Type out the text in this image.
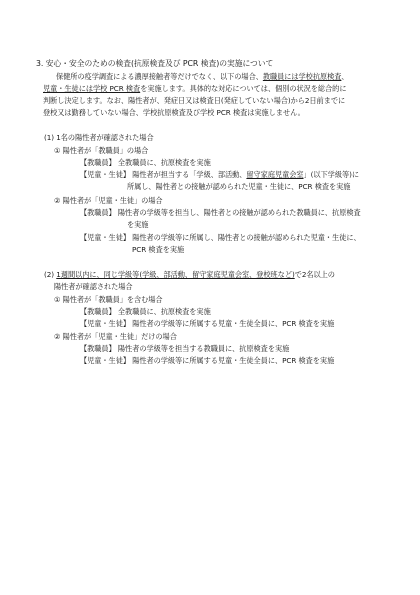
3. 安心・安全のための検査(抗原検査及び PCR 検査)の実施について
保健所の疫学調査による濃厚接触者等だけでなく、以下の場合、教職員には学校抗原検査、
児童・生徒には学校 PCR 検査を実施します。具体的な対応については、個別の状況を総合的に
判断し決定します。なお、陽性者が、発症日又は検査日(発症していない場合)から2日前までに
登校又は勤務していない場合、学校抗原検査及び学校 PCR 検査は実施しません。
(1) 1名の陽性者が確認された場合
① 陽性者が「教職員」の場合
【教職員】 全教職員に、抗原検査を実施
【児童・生徒】 陽性者が担当する「学級、部活動、留守家庭児童会室」(以下学級等)に
所属し、陽性者との接触が認められた児童・生徒に、PCR 検査を実施
② 陽性者が「児童・生徒」の場合
【教職員】 陽性者の学級等を担当し、陽性者との接触が認められた教職員に、抗原検査
を実施
【児童・生徒】 陽性者の学級等に所属し、陽性者との接触が認められた児童・生徒に、
PCR 検査を実施
(2) 1週間以内に、同じ学級等(学級、部活動、留守家庭児童会室、登校班など)で2名以上の
陽性者が確認された場合
① 陽性者が「教職員」を含む場合
【教職員】 全教職員に、抗原検査を実施
【児童・生徒】 陽性者の学級等に所属する児童・生徒全員に、PCR 検査を実施
② 陽性者が「児童・生徒」だけの場合
【教職員】 陽性者の学級等を担当する教職員に、抗原検査を実施
【児童・生徒】 陽性者の学級等に所属する児童・生徒全員に、PCR 検査を実施
